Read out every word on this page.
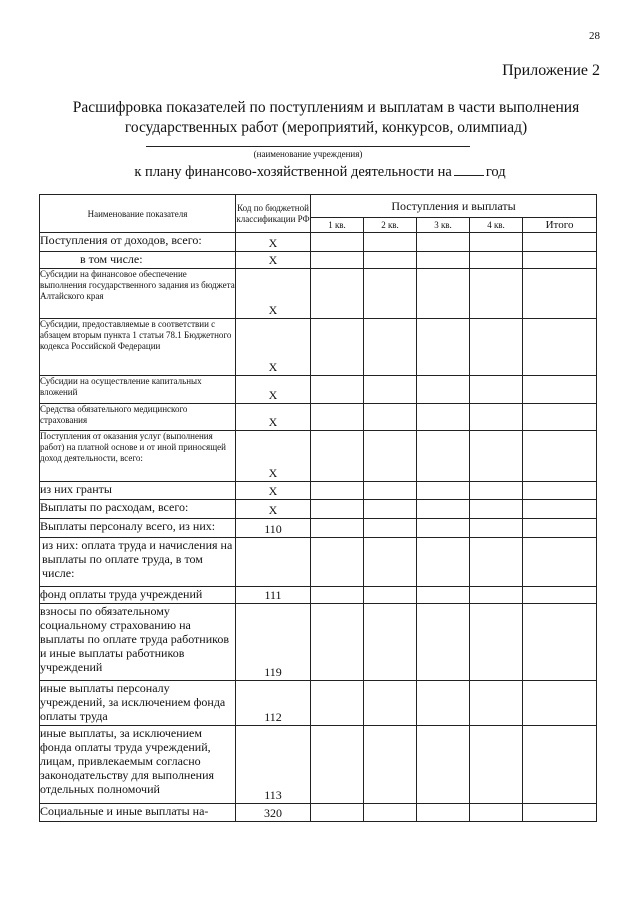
28
Приложение 2
Расшифровка показателей по поступлениям и выплатам в части выполнения государственных работ (мероприятий, конкурсов, олимпиад)
(наименование учреждения)
к плану финансово-хозяйственной деятельности на год
Наименование показателя	Код по бюджетной классификации РФ	Поступления и выплаты				
		1 кв.	2 кв.	3 кв.	4 кв.	Итого
Поступления от доходов, всего:	X					
в том числе:	X					
Субсидии на финансовое обеспечение выполнения государственного задания из бюджета Алтайского края	X					
Субсидии, предоставляемые в соответствии с абзацем вторым пункта 1 статьи 78.1 Бюджетного кодекса Российской Федерации	X					
Субсидии на осуществление капитальных вложений	X					
Средства обязательного медицинского страхования	X					
Поступления от оказания услуг (выполнения работ) на платной основе и от иной приносящей доход деятельности, всего:	X					
из них гранты	X					
Выплаты по расходам, всего:	X					
Выплаты персоналу всего, из них:	110					
из них: оплата труда и начисления на выплаты по оплате труда, в том числе:						
фонд оплаты труда учреждений	111					
взносы по обязательному социальному страхованию на выплаты по оплате труда работников и иные выплаты работников учреждений	119					
иные выплаты персоналу учреждений, за исключением фонда оплаты труда	112					
иные выплаты, за исключением фонда оплаты труда учреждений, лицам, привлекаемым согласно законодательству для выполнения отдельных полномочий	113					
Социальные и иные выплаты на-	320					
